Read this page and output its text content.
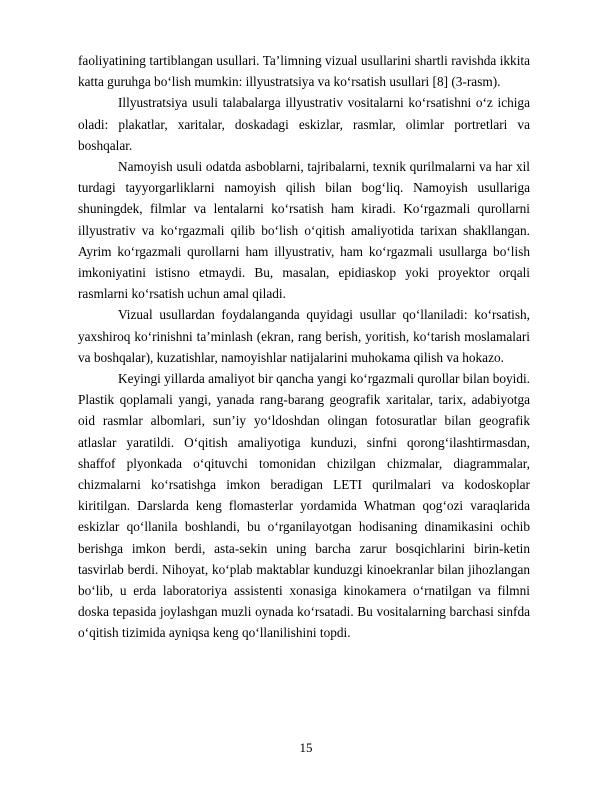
faoliyatining tartiblangan usullari. Ta’limning vizual usullarini shartli ravishda ikkita katta guruhga bo‘lish mumkin: illyustratsiya va ko‘rsatish usullari [8] (3-rasm).

Illyustratsiya usuli talabalarga illyustrativ vositalarni ko‘rsatishni o‘z ichiga oladi: plakatlar, xaritalar, doskadagi eskizlar, rasmlar, olimlar portretlari va boshqalar.

Namoyish usuli odatda asboblarni, tajribalarni, texnik qurilmalarni va har xil turdagi tayyorgarliklarni namoyish qilish bilan bog‘liq. Namoyish usullariga shuningdek, filmlar va lentalarni ko‘rsatish ham kiradi. Ko‘rgazmali qurollarni illyustrativ va ko‘rgazmali qilib bo‘lish o‘qitish amaliyotida tarixan shakllangan. Ayrim ko‘rgazmali qurollarni ham illyustrativ, ham ko‘rgazmali usullarga bo‘lish imkoniyatini istisno etmaydi. Bu, masalan, epidiaskop yoki proyektor orqali rasmlarni ko‘rsatish uchun amal qiladi.

Vizual usullardan foydalanganda quyidagi usullar qo‘llaniladi: ko‘rsatish, yaxshiroq ko‘rinishni ta’minlash (ekran, rang berish, yoritish, ko‘tarish moslamalari va boshqalar), kuzatishlar, namoyishlar natijalarini muhokama qilish va hokazo.

Keyingi yillarda amaliyot bir qancha yangi ko‘rgazmali qurollar bilan boyidi. Plastik qoplamali yangi, yanada rang-barang geografik xaritalar, tarix, adabiyotga oid rasmlar albomlari, sun’iy yo‘ldoshdan olingan fotosuratlar bilan geografik atlaslar yaratildi. O‘qitish amaliyotiga kunduzi, sinfni qorong‘ilashtirmasdan, shaffof plyonkada o‘qituvchi tomonidan chizilgan chizmalar, diagrammalar, chizmalarni ko‘rsatishga imkon beradigan LETI qurilmalari va kodoskoplar kiritilgan. Darslarda keng flomasterlar yordamida Whatman qog‘ozi varaqlarida eskizlar qo‘llanila boshlandi, bu o‘rganilayotgan hodisaning dinamikasini ochib berishga imkon berdi, asta-sekin uning barcha zarur bosqichlarini birin-ketin tasvirlab berdi. Nihoyat, ko‘plab maktablar kunduzgi kinoekranlar bilan jihozlangan bo‘lib, u erda laboratoriya assistenti xonasiga kinokamera o‘rnatilgan va filmni doska tepasida joylashgan muzli oynada ko‘rsatadi. Bu vositalarning barchasi sinfda o‘qitish tizimida ayniqsa keng qo‘llanilishini topdi.

15
